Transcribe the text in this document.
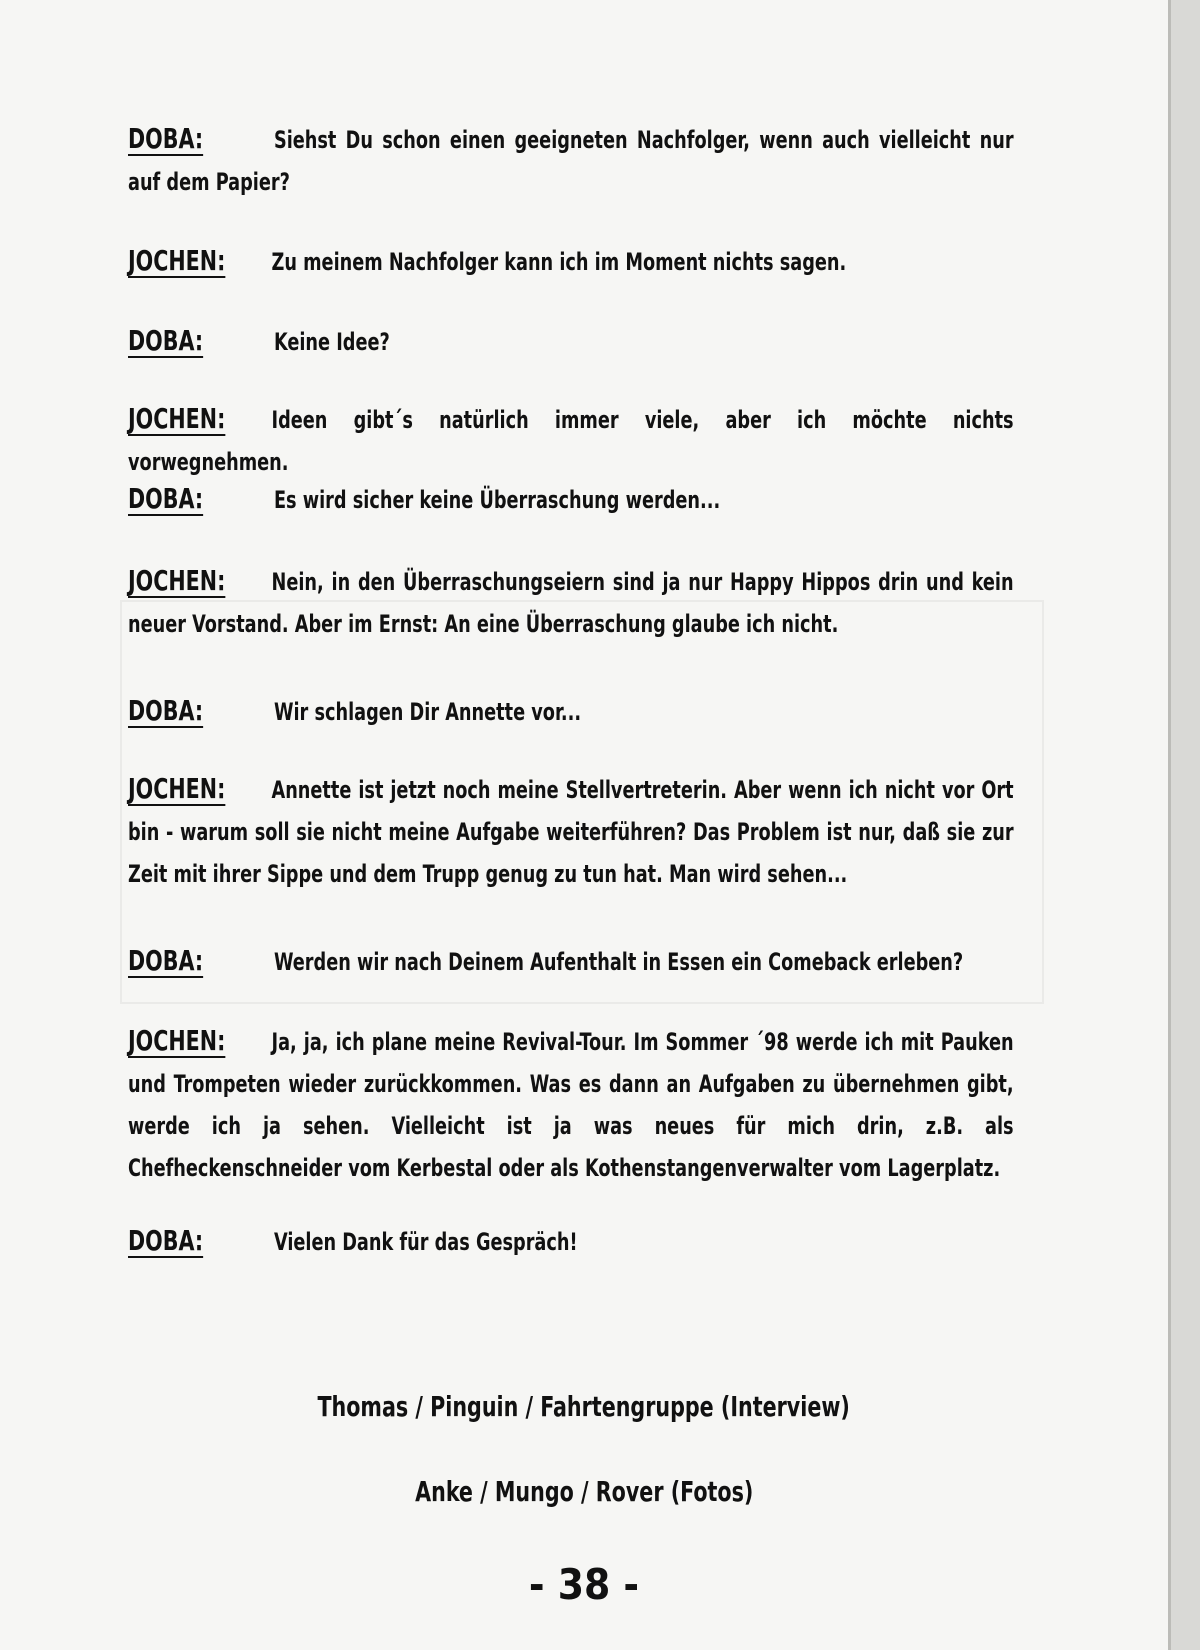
DOBA:	Siehst Du schon einen geeigneten Nachfolger, wenn auch vielleicht nur auf dem Papier?
JOCHEN: Zu meinem Nachfolger kann ich im Moment nichts sagen.
DOBA:	Keine Idee?
JOCHEN: Ideen gibt´s natürlich immer viele, aber ich möchte nichts vorwegnehmen.
DOBA:	Es wird sicher keine Überraschung werden...
JOCHEN: Nein, in den Überraschungseiern sind ja nur Happy Hippos drin und kein neuer Vorstand. Aber im Ernst: An eine Überraschung glaube ich nicht.
DOBA:	Wir schlagen Dir Annette vor...
JOCHEN: Annette ist jetzt noch meine Stellvertreterin. Aber wenn ich nicht vor Ort bin - warum soll sie nicht meine Aufgabe weiterführen? Das Problem ist nur, daß sie zur Zeit mit ihrer Sippe und dem Trupp genug zu tun hat. Man wird sehen...
DOBA:	Werden wir nach Deinem Aufenthalt in Essen ein Comeback erleben?
JOCHEN: Ja, ja, ich plane meine Revival-Tour. Im Sommer ´98 werde ich mit Pauken und Trompeten wieder zurückkommen. Was es dann an Aufgaben zu übernehmen gibt, werde ich ja sehen. Vielleicht ist ja was neues für mich drin, z.B. als Chefheckenschneider vom Kerbestal oder als Kothenstangenverwalter vom Lagerplatz.
DOBA:	Vielen Dank für das Gespräch!
Thomas / Pinguin / Fahrtengruppe (Interview)
Anke / Mungo / Rover (Fotos)
- 38 -
